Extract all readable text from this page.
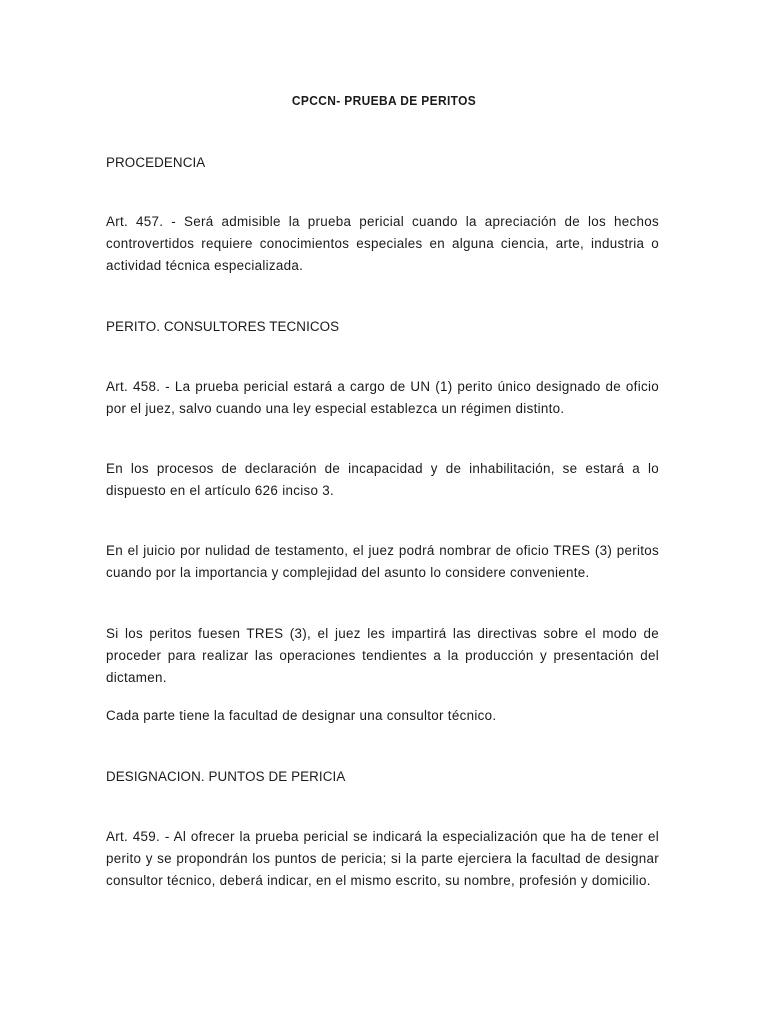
CPCCN- PRUEBA DE PERITOS
PROCEDENCIA
Art. 457. - Será admisible la prueba pericial cuando la apreciación de los hechos controvertidos requiere conocimientos especiales en alguna ciencia, arte, industria o actividad técnica especializada.
PERITO. CONSULTORES TECNICOS
Art. 458. - La prueba pericial estará a cargo de UN (1) perito único designado de oficio por el juez, salvo cuando una ley especial establezca un régimen distinto.
En los procesos de declaración de incapacidad y de inhabilitación, se estará a lo dispuesto en el artículo 626 inciso 3.
En el juicio por nulidad de testamento, el juez podrá nombrar de oficio TRES (3) peritos cuando por la importancia y complejidad del asunto lo considere conveniente.
Si los peritos fuesen TRES (3), el juez les impartirá las directivas sobre el modo de proceder para realizar las operaciones tendientes a la producción y presentación del dictamen.
Cada parte tiene la facultad de designar una consultor técnico.
DESIGNACION. PUNTOS DE PERICIA
Art. 459. - Al ofrecer la prueba pericial se indicará la especialización que ha de tener el perito y se propondrán los puntos de pericia; si la parte ejerciera la facultad de designar consultor técnico, deberá indicar, en el mismo escrito, su nombre, profesión y domicilio.
